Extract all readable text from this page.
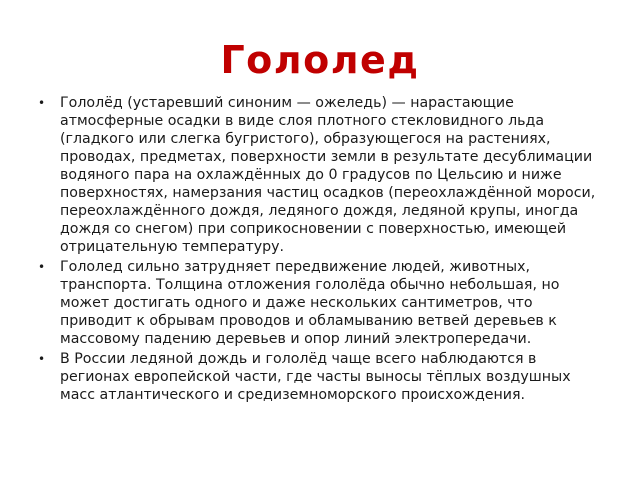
Гололед
• Гололёд (устаревший синоним — ожеледь) — нарастающие атмосферные осадки в виде слоя плотного стекловидного льда (гладкого или слегка бугристого), образующегося на растениях, проводах, предметах, поверхности земли в результате десублимации водяного пара на охлаждённых до 0 градусов по Цельсию и ниже поверхностях, намерзания частиц осадков (переохлаждённой мороси, переохлаждённого дождя, ледяного дождя, ледяной крупы, иногда дождя со снегом) при соприкосновении с поверхностью, имеющей отрицательную температуру.
• Гололед сильно затрудняет передвижение людей, животных, транспорта. Толщина отложения гололёда обычно небольшая, но может достигать одного и даже нескольких сантиметров, что приводит к обрывам проводов и обламыванию ветвей деревьев к массовому падению деревьев и опор линий электропередачи.
• В России ледяной дождь и гололёд чаще всего наблюдаются в регионах европейской части, где часты выносы тёплых воздушных масс атлантического и средиземноморского происхождения.
